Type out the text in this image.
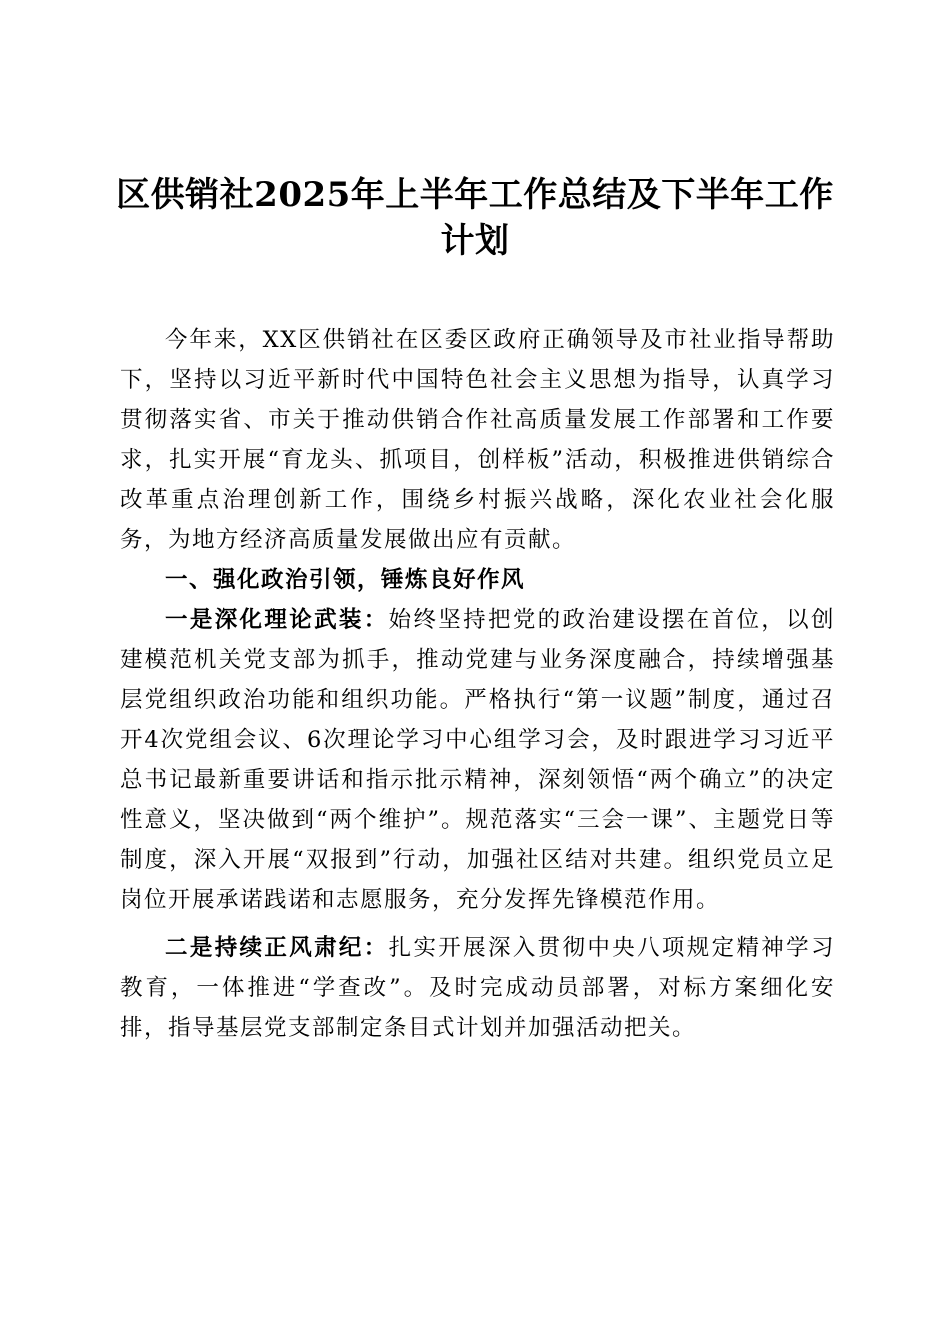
区供销社2025年上半年工作总结及下半年工作计划

今年来，XX区供销社在区委区政府正确领导及市社业指导帮助下，坚持以习近平新时代中国特色社会主义思想为指导，认真学习贯彻落实省、市关于推动供销合作社高质量发展工作部署和工作要求，扎实开展“育龙头、抓项目，创样板”活动，积极推进供销综合改革重点治理创新工作，围绕乡村振兴战略，深化农业社会化服务，为地方经济高质量发展做出应有贡献。

一、强化政治引领，锤炼良好作风

一是深化理论武装：始终坚持把党的政治建设摆在首位，以创建模范机关党支部为抓手，推动党建与业务深度融合，持续增强基层党组织政治功能和组织功能。严格执行“第一议题”制度，通过召开4次党组会议、6次理论学习中心组学习会，及时跟进学习习近平总书记最新重要讲话和指示批示精神，深刻领悟“两个确立”的决定性意义，坚决做到“两个维护”。规范落实“三会一课”、主题党日等制度，深入开展“双报到”行动，加强社区结对共建。组织党员立足岗位开展承诺践诺和志愿服务，充分发挥先锋模范作用。

二是持续正风肃纪：扎实开展深入贯彻中央八项规定精神学习教育，一体推进“学查改”。及时完成动员部署，对标方案细化安排，指导基层党支部制定条目式计划并加强活动把关。
